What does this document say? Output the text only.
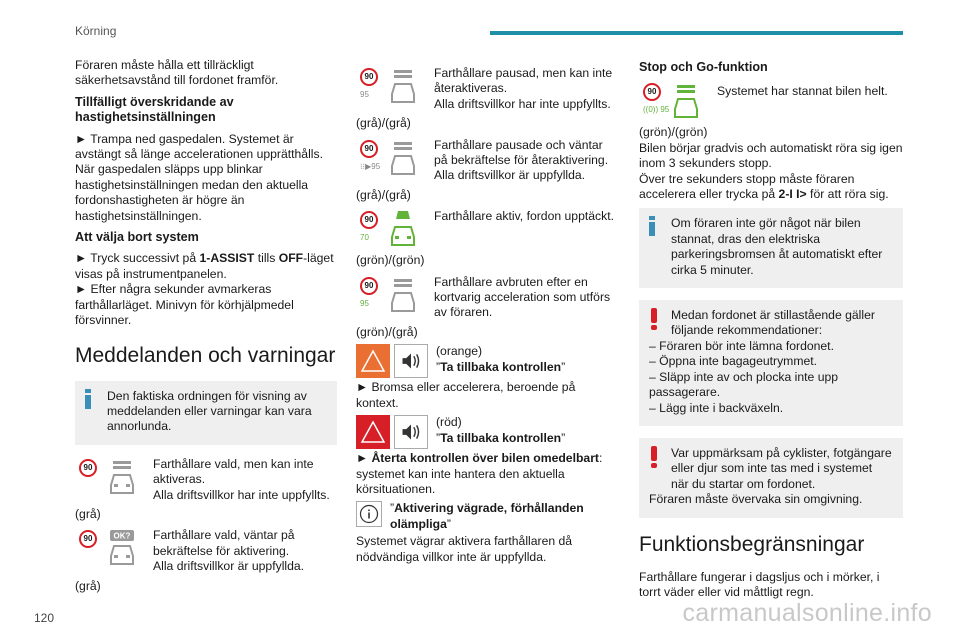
Körning

Föraren måste hålla ett tillräckligt säkerhetsavstånd till fordonet framför.

Tillfälligt överskridande av hastighetsinställningen

► Trampa ned gaspedalen. Systemet är avstängt så länge accelerationen upprätthålls. När gaspedalen släpps upp blinkar hastighetsinställningen medan den aktuella fordonshastigheten är högre än hastighetsinställningen.

Att välja bort system

► Tryck successivt på 1-ASSIST tills OFF-läget visas på instrumentpanelen.
► Efter några sekunder avmarkeras farthållarläget. Minivyn för körhjälpmedel försvinner.

Meddelanden och varningar
Den faktiska ordningen för visning av meddelanden eller varningar kan vara annorlunda.
90	Farthållare vald, men kan inte aktiveras.
Alla driftsvillkor har inte uppfyllts.
(grå)
90	OK? Farthållare vald, väntar på bekräftelse för aktivering.
Alla driftsvillkor är uppfyllda.
(grå)
90
95
Farthållare pausad, men kan inte återaktiveras.
Alla driftsvillkor har inte uppfyllts.
(grå)/(grå)
90
⁝⁝▶95
Farthållare pausade och väntar på bekräftelse för återaktivering.
Alla driftsvillkor är uppfyllda.
(grå)/(grå)
90
70
Farthållare aktiv, fordon upptäckt.
(grön)/(grön)
90
95
Farthållare avbruten efter en kortvarig acceleration som utförs av föraren.
(grön)/(grå)
(orange)
”Ta tillbaka kontrollen”

► Bromsa eller accelerera, beroende på kontext.

(röd)
”Ta tillbaka kontrollen”

► Återta kontrollen över bilen omedelbart: systemet kan inte hantera den aktuella körsituationen.

”Aktivering vägrade, förhållanden olämpliga”

Systemet vägrar aktivera farthållaren då nödvändiga villkor inte är uppfyllda.

Stop och Go-funktion
90
((0)) 95
Systemet har stannat bilen helt.

(grön)/(grön)

Bilen börjar gradvis och automatiskt röra sig igen inom 3 sekunders stopp.

Över tre sekunders stopp måste föraren accelerera eller trycka på 2-I I> för att röra sig.

Om föraren inte gör något när bilen stannat, dras den elektriska parkeringsbromsen åt automatiskt efter cirka 5 minuter.
Medan fordonet är stillastående gäller följande rekommendationer:
– Föraren bör inte lämna fordonet.
– Öppna inte bagageutrymmet.
– Släpp inte av och plocka inte upp passagerare.
– Lägg inte i backväxeln.
Var uppmärksam på cyklister, fotgängare eller djur som inte tas med i systemet när du startar om fordonet.
Föraren måste övervaka sin omgivning.
Funktionsbegränsningar

Farthållare fungerar i dagsljus och i mörker, i torrt väder eller vid måttligt regn.

120	carmanualsonline.info
